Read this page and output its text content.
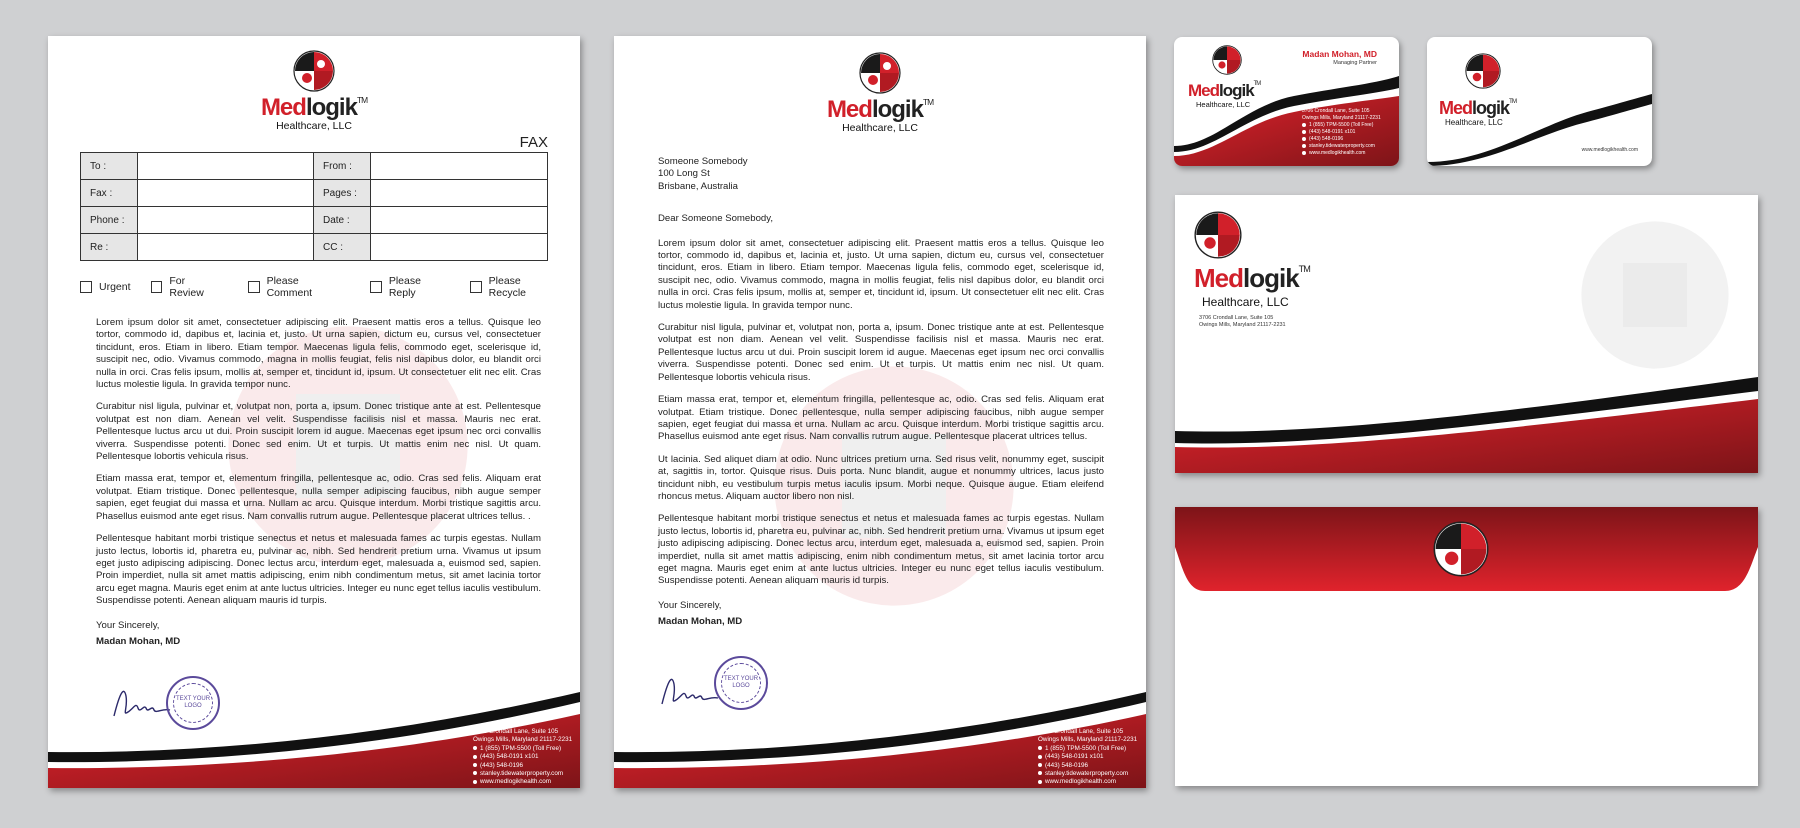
Medlogik™
Healthcare, LLC
FAX
To :		From :	
Fax :		Pages :	
Phone :		Date :	
Re :		CC :	
Urgent	For Review
Please Comment
Please Reply
Please Recycle

Lorem ipsum dolor sit amet, consectetuer adipiscing elit. Praesent mattis eros a tellus. Quisque leo tortor, commodo id, dapibus et, lacinia et, justo. Ut urna sapien, dictum eu, cursus vel, consectetuer tincidunt, eros. Etiam in libero. Etiam tempor. Maecenas ligula felis, commodo eget, scelerisque id, suscipit nec, odio. Vivamus commodo, magna in mollis feugiat, felis nisl dapibus dolor, eu blandit orci nulla in orci. Cras felis ipsum, mollis at, semper et, tincidunt id, ipsum. Ut consectetuer elit nec elit. Cras luctus molestie ligula. In gravida tempor nunc.

Curabitur nisl ligula, pulvinar et, volutpat non, porta a, ipsum. Donec tristique ante at est. Pellentesque volutpat est non diam. Aenean vel velit. Suspendisse facilisis nisl et massa. Mauris nec erat. Pellentesque luctus arcu ut dui. Proin suscipit lorem id augue. Maecenas eget ipsum nec orci convallis viverra. Suspendisse potenti. Donec sed enim. Ut et turpis. Ut mattis enim nec nisl. Ut quam. Pellentesque lobortis vehicula risus.

Etiam massa erat, tempor et, elementum fringilla, pellentesque ac, odio. Cras sed felis. Aliquam erat volutpat. Etiam tristique. Donec pellentesque, nulla semper adipiscing faucibus, nibh augue semper sapien, eget feugiat dui massa et urna. Nullam ac arcu. Quisque interdum. Morbi tristique sagittis arcu. Phasellus euismod ante eget risus. Nam convallis rutrum augue. Pellentesque placerat ultrices tellus. .

Pellentesque habitant morbi tristique senectus et netus et malesuada fames ac turpis egestas. Nullam justo lectus, lobortis id, pharetra eu, pulvinar ac, nibh. Sed hendrerit pretium urna. Vivamus ut ipsum eget justo adipiscing adipiscing. Donec lectus arcu, interdum eget, malesuada a, euismod sed, sapien. Proin imperdiet, nulla sit amet mattis adipiscing, enim nibh condimentum metus, sit amet lacinia tortor arcu eget magna. Mauris eget enim at ante luctus ultricies. Integer eu nunc eget tellus iaculis vestibulum. Suspendisse potenti. Aenean aliquam mauris id turpis.

Your Sincerely,

Madan Mohan, MD

TEXT YOUR LOGO
3706 Crondall Lane, Suite 105
Owings Mills, Maryland 21117-2231
1 (855) TPM-5500 (Toll Free)
(443) 548-0191 x101
(443) 548-0196
stanley.tidewaterproperty.com
www.medlogikhealth.com
Medlogik™
Healthcare, LLC
Someone Somebody
100 Long St
Brisbane, Australia

Dear Someone Somebody,

Lorem ipsum dolor sit amet, consectetuer adipiscing elit. Praesent mattis eros a tellus. Quisque leo tortor, commodo id, dapibus et, lacinia et, justo. Ut urna sapien, dictum eu, cursus vel, consectetuer tincidunt, eros. Etiam in libero. Etiam tempor. Maecenas ligula felis, commodo eget, scelerisque id, suscipit nec, odio. Vivamus commodo, magna in mollis feugiat, felis nisl dapibus dolor, eu blandit orci nulla in orci. Cras felis ipsum, mollis at, semper et, tincidunt id, ipsum. Ut consectetuer elit nec elit. Cras luctus molestie ligula. In gravida tempor nunc.

Curabitur nisl ligula, pulvinar et, volutpat non, porta a, ipsum. Donec tristique ante at est. Pellentesque volutpat est non diam. Aenean vel velit. Suspendisse facilisis nisl et massa. Mauris nec erat. Pellentesque luctus arcu ut dui. Proin suscipit lorem id augue. Maecenas eget ipsum nec orci convallis viverra. Suspendisse potenti. Donec sed enim. Ut et turpis. Ut mattis enim nec nisl. Ut quam. Pellentesque lobortis vehicula risus.

Etiam massa erat, tempor et, elementum fringilla, pellentesque ac, odio. Cras sed felis. Aliquam erat volutpat. Etiam tristique. Donec pellentesque, nulla semper adipiscing faucibus, nibh augue semper sapien, eget feugiat dui massa et urna. Nullam ac arcu. Quisque interdum. Morbi tristique sagittis arcu. Phasellus euismod ante eget risus. Nam convallis rutrum augue. Pellentesque placerat ultrices tellus.

Ut lacinia. Sed aliquet diam at odio. Nunc ultrices pretium urna. Sed risus velit, nonummy eget, suscipit at, sagittis in, tortor. Quisque risus. Duis porta. Nunc blandit, augue et nonummy ultrices, lacus justo tincidunt nibh, eu vestibulum turpis metus iaculis ipsum. Morbi neque. Quisque augue. Etiam eleifend rhoncus metus. Aliquam auctor libero non nisl.

Pellentesque habitant morbi tristique senectus et netus et malesuada fames ac turpis egestas. Nullam justo lectus, lobortis id, pharetra eu, pulvinar ac, nibh. Sed hendrerit pretium urna. Vivamus ut ipsum eget justo adipiscing adipiscing. Donec lectus arcu, interdum eget, malesuada a, euismod sed, sapien. Proin imperdiet, nulla sit amet mattis adipiscing, enim nibh condimentum metus, sit amet lacinia tortor arcu eget magna. Mauris eget enim at ante luctus ultricies. Integer eu nunc eget tellus iaculis vestibulum. Suspendisse potenti. Aenean aliquam mauris id turpis.

Your Sincerely,

Madan Mohan, MD

TEXT YOUR LOGO
3706 Crondall Lane, Suite 105
Owings Mills, Maryland 21117-2231
1 (855) TPM-5500 (Toll Free)
(443) 548-0191 x101
(443) 548-0196
stanley.tidewaterproperty.com
www.medlogikhealth.com
Medlogik™
Healthcare, LLC
Madan Mohan, MD
Managing Partner
3706 Crondall Lane, Suite 105
Owings Mills, Maryland 21117-2231
1 (855) TPM-5500 (Toll Free)
(443) 548-0191 x101
(443) 548-0196
stanley.tidewaterproperty.com
www.medlogikhealth.com
Medlogik™
Healthcare, LLC
www.medlogikhealth.com
Medlogik™
Healthcare, LLC
3706 Crondall Lane, Suite 105
Owings Mills, Maryland 21117-2231
